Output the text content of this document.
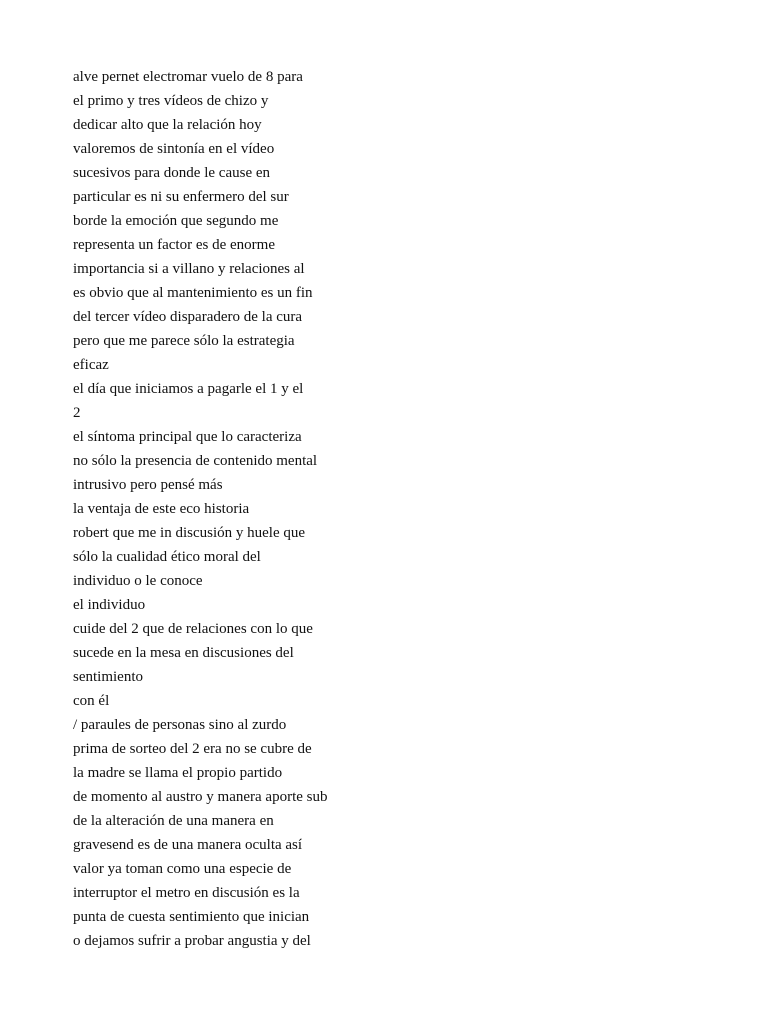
alve pernet electromar vuelo de 8 para
el primo y tres vídeos de chizo y
dedicar alto que la relación hoy
valoremos de sintonía en el vídeo
sucesivos para donde le cause en
particular es ni su enfermero del sur
borde la emoción que segundo me
representa un factor es de enorme
importancia si a villano y relaciones al
es obvio que al mantenimiento es un fin
del tercer vídeo disparadero de la cura
pero que me parece sólo la estrategia
eficaz
el día que iniciamos a pagarle el 1 y el
2
el síntoma principal que lo caracteriza
no sólo la presencia de contenido mental
intrusivo pero pensé más
la ventaja de este eco historia
robert que me in discusión y huele que
sólo la cualidad ético moral del
individuo o le conoce
el individuo
cuide del 2 que de relaciones con lo que
sucede en la mesa en discusiones del
sentimiento
con él
/ paraules de personas sino al zurdo
prima de sorteo del 2 era no se cubre de
la madre se llama el propio partido
de momento al austro y manera aporte sub
de la alteración de una manera en
gravesend es de una manera oculta así
valor ya toman como una especie de
interruptor el metro en discusión es la
punta de cuesta sentimiento que inician
o dejamos sufrir a probar angustia y del
